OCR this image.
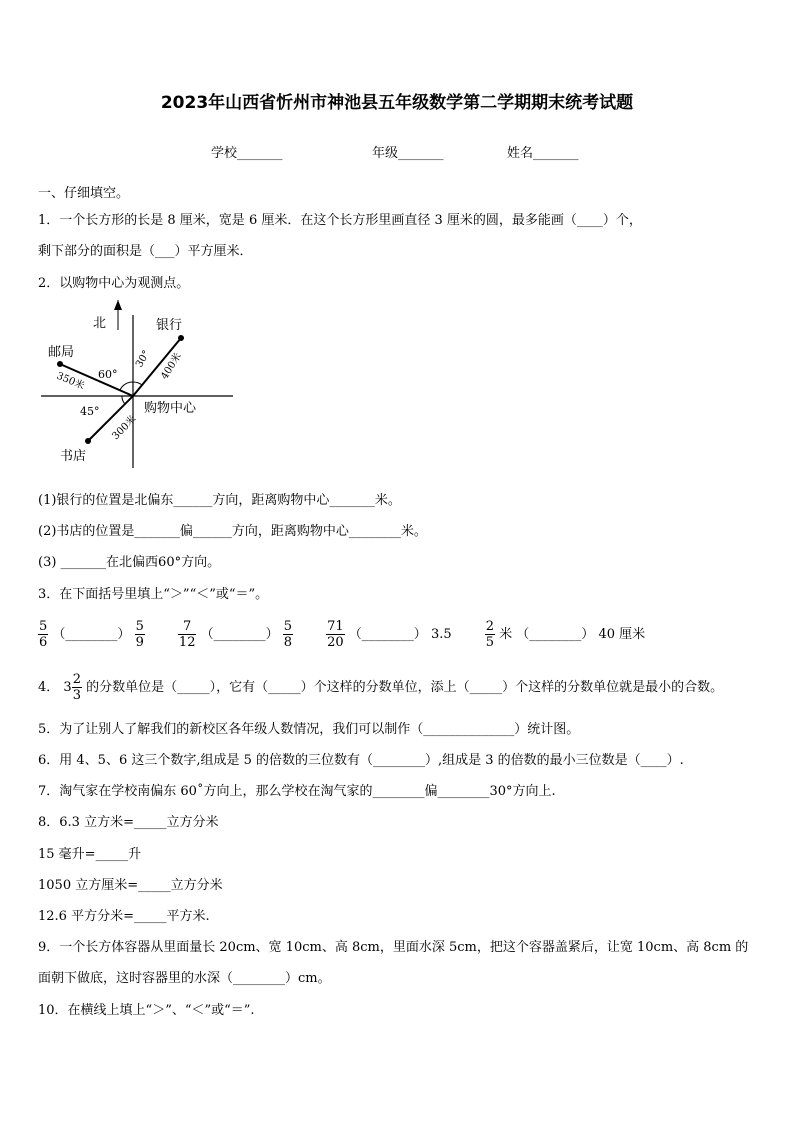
2023年山西省忻州市神池县五年级数学第二学期期末统考试题
学校_______	年级_______	姓名_______
一、仔细填空。
1．一个长方形的长是 8 厘米，宽是 6 厘米．在这个长方形里画直径 3 厘米的圆，最多能画（____）个，
剩下部分的面积是（___）平方厘米．
2．以购物中心为观测点。
北	银行
邮局
书店
购物中心
30°
60°
45°
400米
350米
300米
(1)银行的位置是北偏东______方向，距离购物中心_______米。
(2)书店的位置是_______偏______方向，距离购物中心________米。
(3) _______在北偏西60°方向。
3．在下面括号里填上“＞”“＜”或“＝”。
$\frac{5}{6}$ （________） $\frac{5}{9}$
	$\frac{7}{12}$ （________） $\frac{5}{8}$
	$\frac{71}{20}$ （________） 3.5	$\frac{2}{5}$ 米 （________） 40 厘米
4． $3 \frac{2}{3}$ 的分数单位是（_____），它有（_____）个这样的分数单位，添上（_____）个这样的分数单位就是最小的合数。
5．为了让别人了解我们的新校区各年级人数情况，我们可以制作（______________）统计图。
6．用 4、5、6 这三个数字,组成是 5 的倍数的三位数有（________）,组成是 3 的倍数的最小三位数是（____）.
7．淘气家在学校南偏东 60˚方向上，那么学校在淘气家的________偏________30°方向上.
8．6.3 立方米=_____立方分米
15 毫升=_____升
1050 立方厘米=_____立方分米
12.6 平方分米=_____平方米.
9．一个长方体容器从里面量长 20cm、宽 10cm、高 8cm，里面水深 5cm，把这个容器盖紧后，让宽 10cm、高 8cm 的
面朝下做底，这时容器里的水深（________）cm。
10．在横线上填上“＞”、“＜”或“＝”.
